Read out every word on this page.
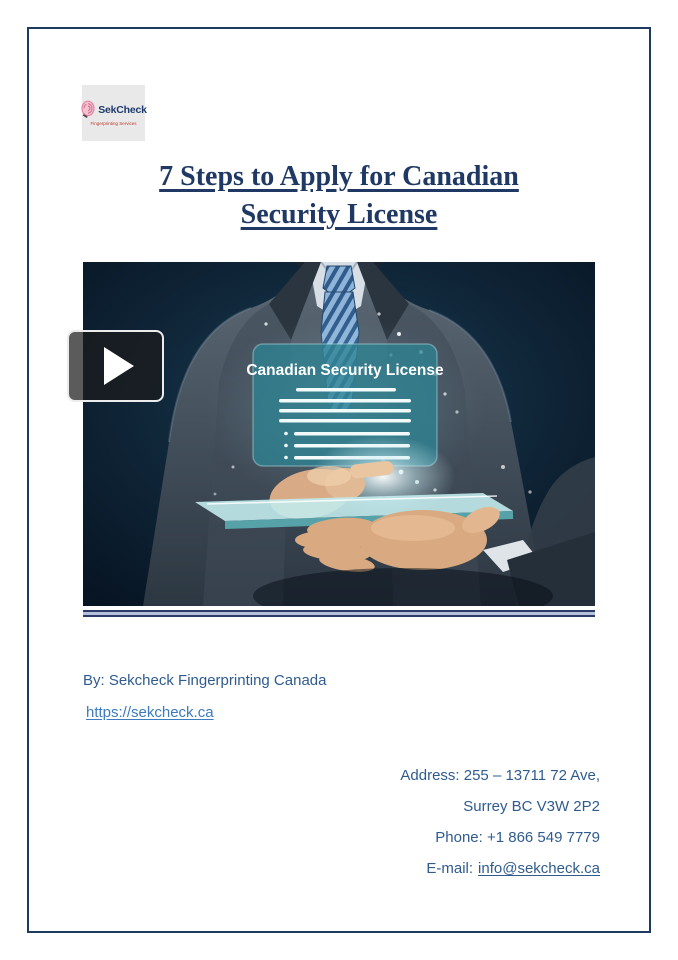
SekCheck
Fingerprinting Services
7 Steps to Apply for Canadian
Security License
Canadian Security License
By: Sekcheck Fingerprinting Canada
https://sekcheck.ca
Address: 255 – 13711 72 Ave,
Surrey BC V3W 2P2
Phone: +1 866 549 7779
E-mail: info@sekcheck.ca
